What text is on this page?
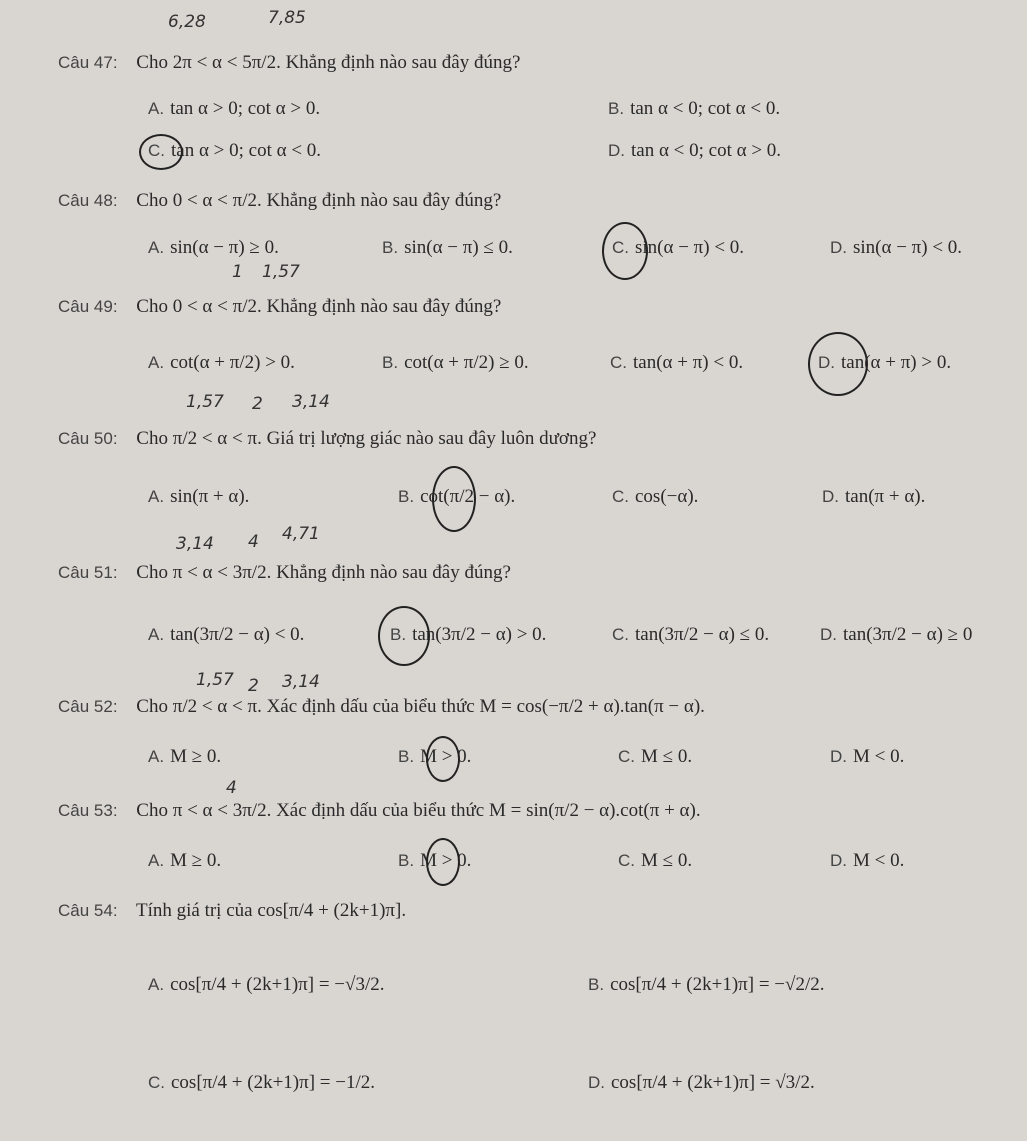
6,28	7,85
Câu 47: Cho 2π < α < 5π/2. Khẳng định nào sau đây đúng?
A. tan α > 0; cot α > 0.	B. tan α < 0; cot α < 0.
C. tan α > 0; cot α < 0.	D. tan α < 0; cot α > 0.
Câu 48: Cho 0 < α < π/2. Khẳng định nào sau đây đúng?
A. sin(α − π) ≥ 0.	B. sin(α − π) ≤ 0.	C. sin(α − π) < 0.	D. sin(α − π) < 0.
1 1,57
Câu 49: Cho 0 < α < π/2. Khẳng định nào sau đây đúng?
A. cot(α + π/2) > 0.	B. cot(α + π/2) ≥ 0.	C. tan(α + π) < 0.	D. tan(α + π) > 0.
1,57 2 3,14
Câu 50: Cho π/2 < α < π. Giá trị lượng giác nào sau đây luôn dương?
A. sin(π + α).	B. cot(π/2 − α).	C. cos(−α).	D. tan(π + α).
3,14 4 4,71
Câu 51: Cho π < α < 3π/2. Khẳng định nào sau đây đúng?
A. tan(3π/2 − α) < 0.	B. tan(3π/2 − α) > 0.	C. tan(3π/2 − α) ≤ 0.	D. tan(3π/2 − α) ≥ 0
1,57 2 3,14
Câu 52: Cho π/2 < α < π. Xác định dấu của biểu thức M = cos(−π/2 + α).tan(π − α).
A. M ≥ 0.	B. M > 0.	C. M ≤ 0.	D. M < 0.
4
Câu 53: Cho π < α < 3π/2. Xác định dấu của biểu thức M = sin(π/2 − α).cot(π + α).
A. M ≥ 0.	B. M > 0.	C. M ≤ 0.	D. M < 0.
Câu 54: Tính giá trị của cos[π/4 + (2k+1)π].
A. cos[π/4 + (2k+1)π] = −√3/2.	B. cos[π/4 + (2k+1)π] = −√2/2.
C. cos[π/4 + (2k+1)π] = −1/2.	D. cos[π/4 + (2k+1)π] = √3/2.
